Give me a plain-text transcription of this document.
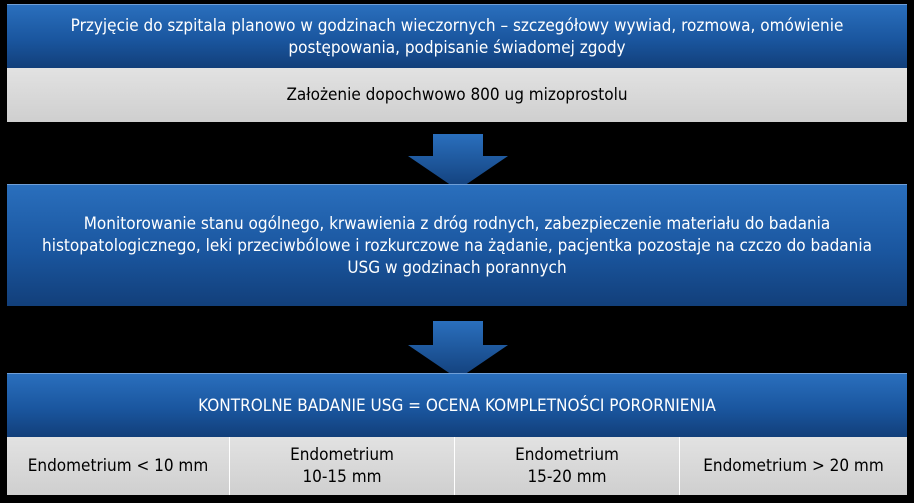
Przyjęcie do szpitala planowo w godzinach wieczornych – szczegółowy wywiad, rozmowa, omówienie postępowania, podpisanie świadomej zgody
Założenie dopochwowo 800 ug mizoprostolu
Monitorowanie stanu ogólnego, krwawienia z dróg rodnych, zabezpieczenie materiału do badania histopatologicznego, leki przeciwbólowe i rozkurczowe na żądanie, pacjentka pozostaje na czczo do badania USG w godzinach porannych
KONTROLNE BADANIE USG = OCENA KOMPLETNOŚCI PORORNIENIA
Endometrium < 10 mm
Endometrium
10-15 mm
Endometrium
15-20 mm
Endometrium > 20 mm
